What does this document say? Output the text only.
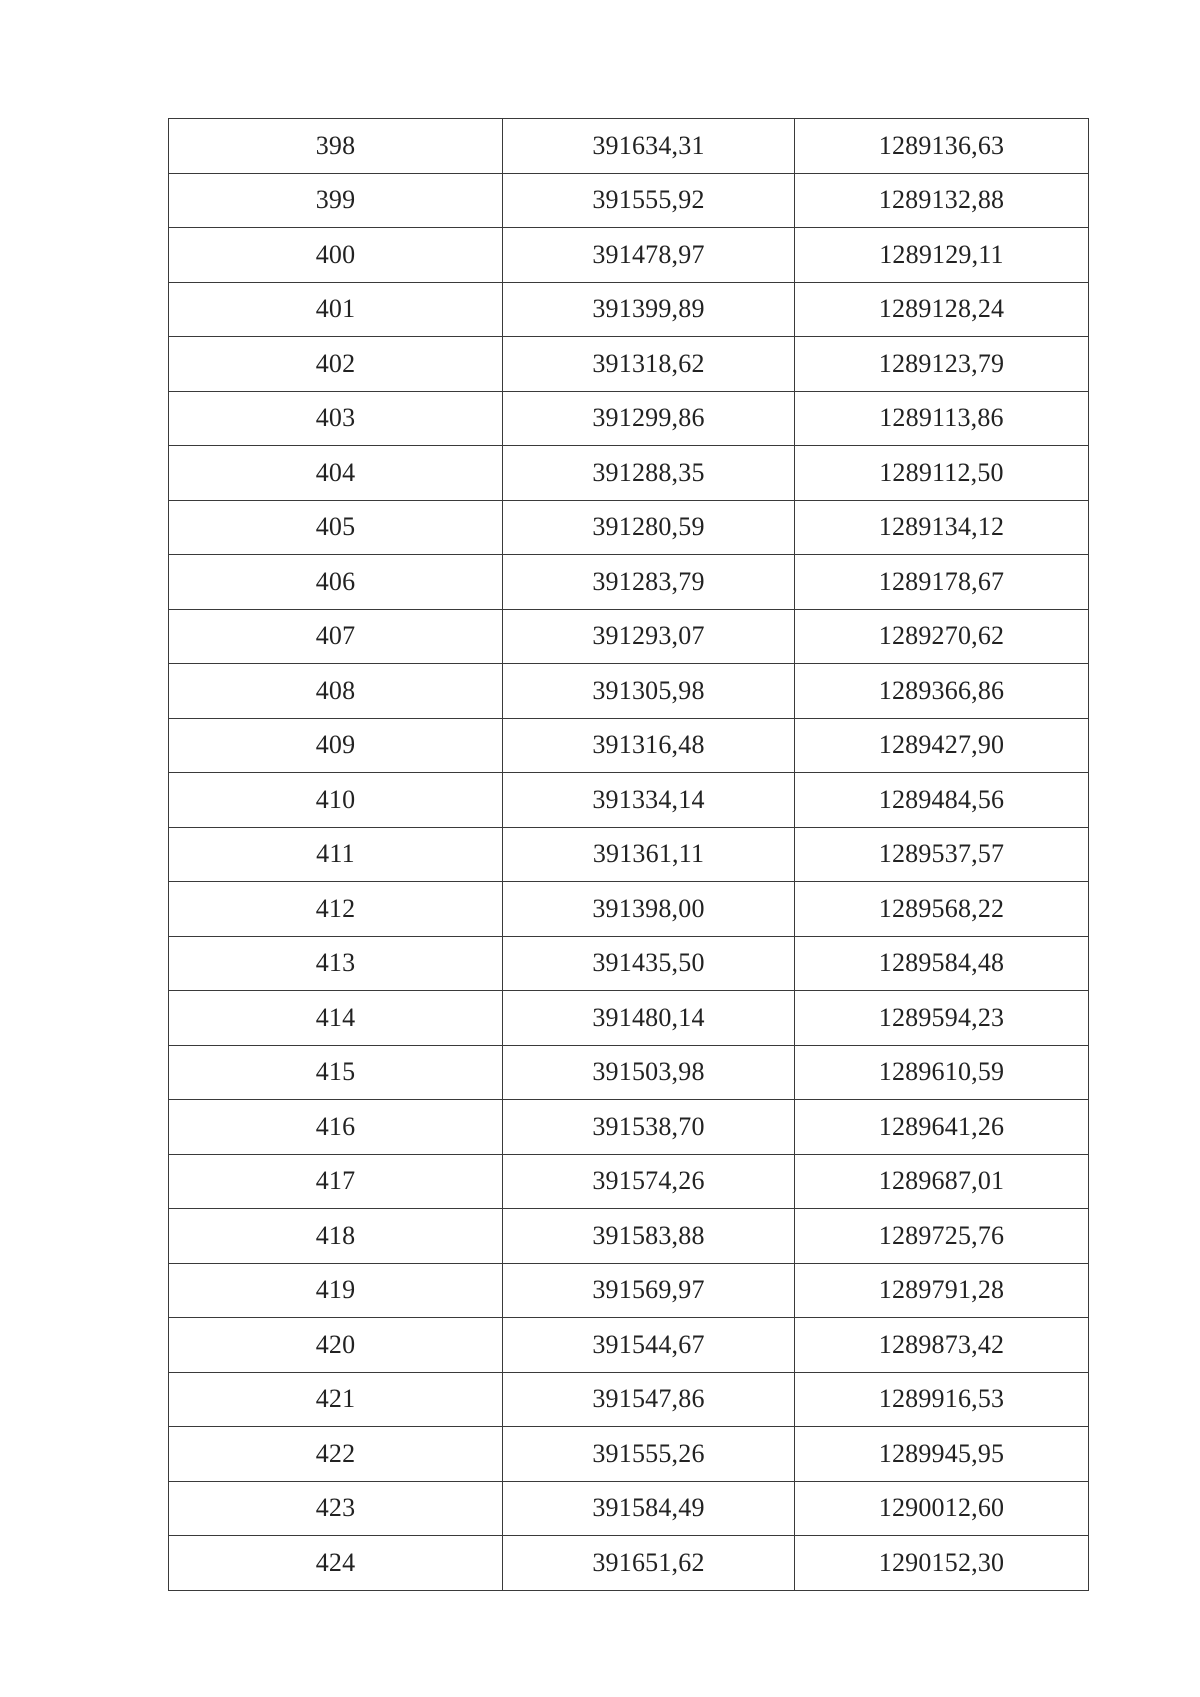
398	391634,31	1289136,63
399	391555,92	1289132,88
400	391478,97	1289129,11
401	391399,89	1289128,24
402	391318,62	1289123,79
403	391299,86	1289113,86
404	391288,35	1289112,50
405	391280,59	1289134,12
406	391283,79	1289178,67
407	391293,07	1289270,62
408	391305,98	1289366,86
409	391316,48	1289427,90
410	391334,14	1289484,56
411	391361,11	1289537,57
412	391398,00	1289568,22
413	391435,50	1289584,48
414	391480,14	1289594,23
415	391503,98	1289610,59
416	391538,70	1289641,26
417	391574,26	1289687,01
418	391583,88	1289725,76
419	391569,97	1289791,28
420	391544,67	1289873,42
421	391547,86	1289916,53
422	391555,26	1289945,95
423	391584,49	1290012,60
424	391651,62	1290152,30
